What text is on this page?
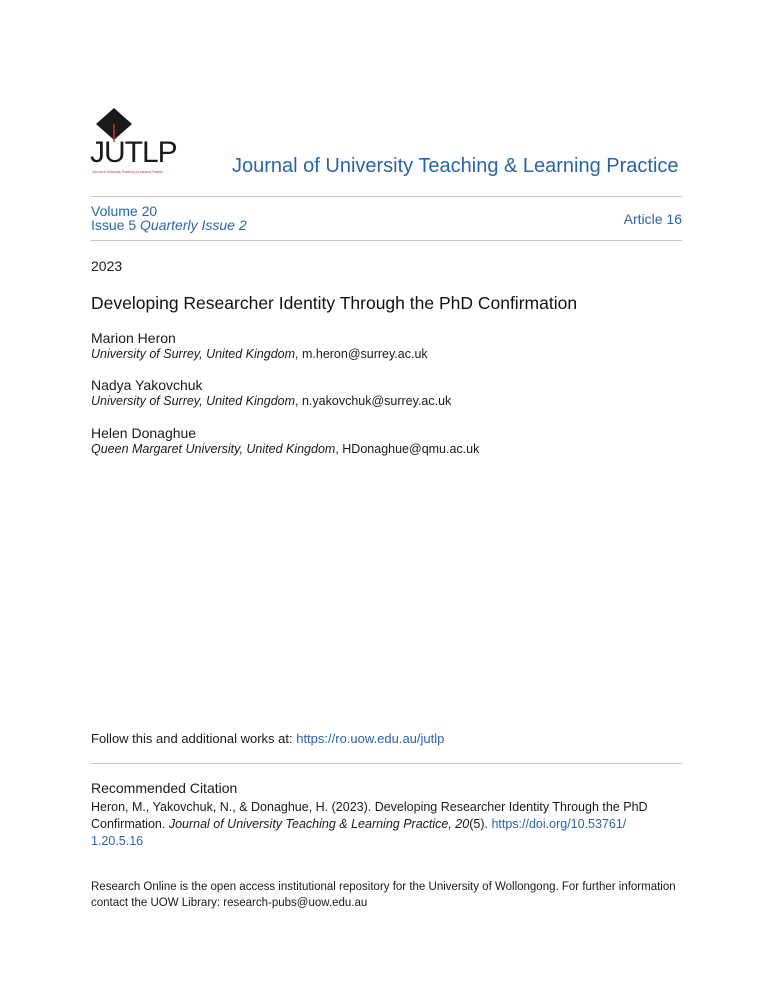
JUTLP
Journal of University Teaching & Learning Practice	Journal of University Teaching & Learning Practice
Volume 20
Issue 5 Quarterly Issue 2	Article 16
2023
Developing Researcher Identity Through the PhD Confirmation
Marion Heron
University of Surrey, United Kingdom, m.heron@surrey.ac.uk
Nadya Yakovchuk
University of Surrey, United Kingdom, n.yakovchuk@surrey.ac.uk
Helen Donaghue
Queen Margaret University, United Kingdom, HDonaghue@qmu.ac.uk
Follow this and additional works at: https://ro.uow.edu.au/jutlp
Recommended Citation
Heron, M., Yakovchuk, N., & Donaghue, H. (2023). Developing Researcher Identity Through the PhD Confirmation. Journal of University Teaching & Learning Practice, 20(5). https://doi.org/10.53761/
1.20.5.16
Research Online is the open access institutional repository for the University of Wollongong. For further information contact the UOW Library: research-pubs@uow.edu.au
